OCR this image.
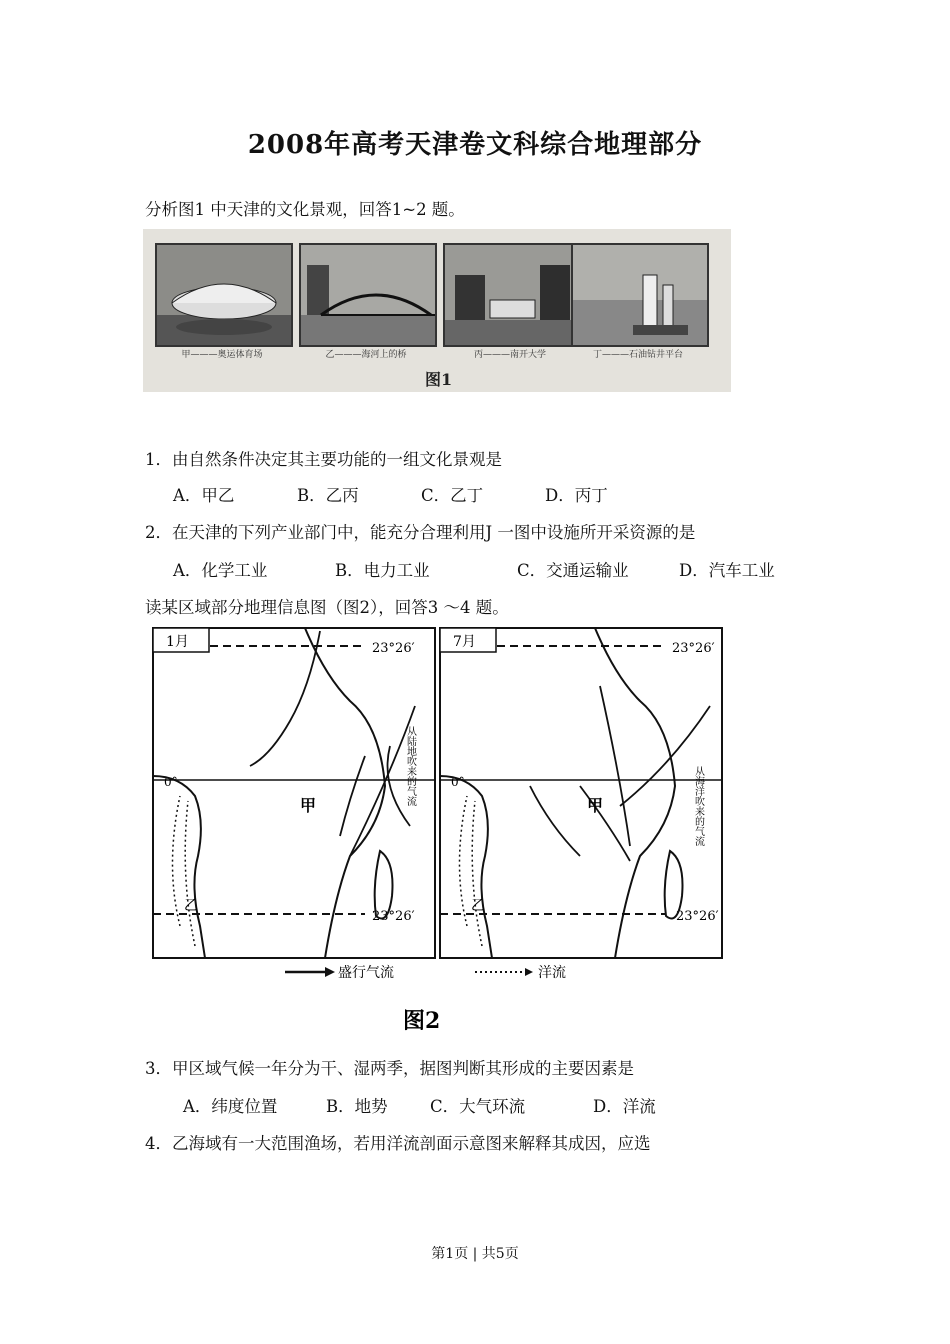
2008年高考天津卷文科综合地理部分
分析图1 中天津的文化景观，回答1~2 题。
甲———奥运体育场	乙———海河上的桥	丙———南开大学	丁———石油钻井平台
图1
1．由自然条件决定其主要功能的一组文化景观是
A．甲乙	B．乙丙	C．乙丁	D．丙丁
2．在天津的下列产业部门中，能充分合理利用J 一图中设施所开采资源的是
A．化学工业	B．电力工业	C．交通运输业	D．汽车工业
读某区域部分地理信息图（图2），回答3 ～4 题。
1月	23°26′
0°
23°26′
甲
乙
从陆地吹来的气流
7月	23°26′
0°
23°26′
甲
乙
从海洋吹来的气流
盛行气流	洋流
图2
3．甲区域气候一年分为干、湿两季，据图判断其形成的主要因素是
A．纬度位置	B．地势	C．大气环流	D．洋流
4．乙海域有一大范围渔场，若用洋流剖面示意图来解释其成因，应选
第1页 | 共5页
